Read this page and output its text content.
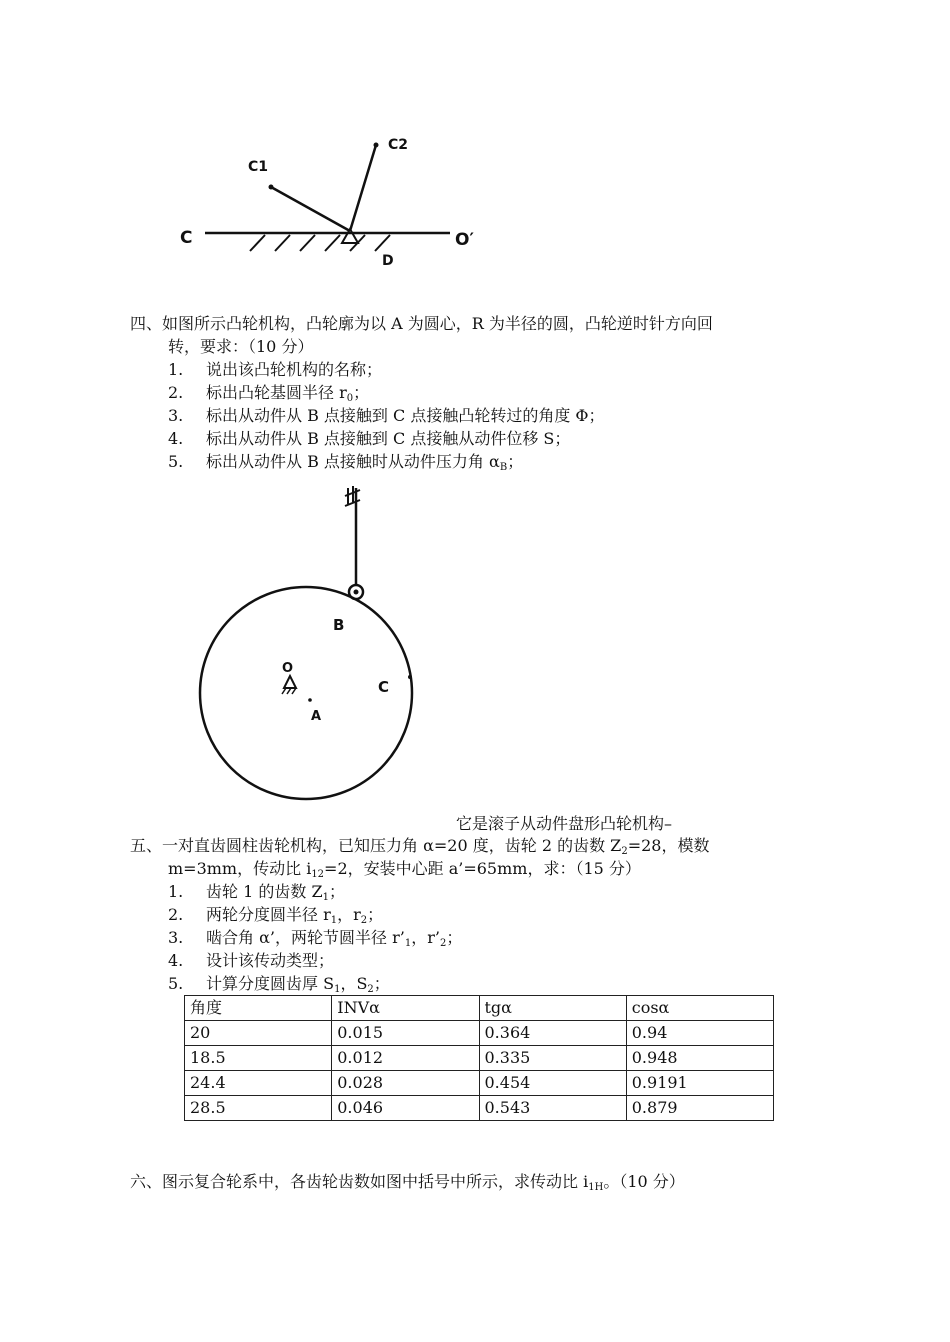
C	O′
C1
C2
D
四、如图所示凸轮机构，凸轮廓为以 A 为圆心，R 为半径的圆，凸轮逆时针方向回
转，要求：（10 分）
1. 说出该凸轮机构的名称；
2. 标出凸轮基圆半径 $r_0$；
3. 标出从动件从 B 点接触到 C 点接触凸轮转过的角度 Φ；
4. 标出从动件从 B 点接触到 C 点接触从动件位移 S；
5. 标出从动件从 B 点接触时从动件压力角 $\alpha_B$；
B
C
O
A
它是滚子从动件盘形凸轮机构–
五、一对直齿圆柱齿轮机构，已知压力角 α=20 度，齿轮 2 的齿数 $Z_2=28$，模数
m=3mm，传动比 $i_{12}=2$，安装中心距 a’=65mm，求：（15 分）
1. 齿轮 1 的齿数 $Z_1$；
2. 两轮分度圆半径 $r_1$，$r_2$；
3. 啮合角 α’，两轮节圆半径 $r’_1$，$r’_2$；
4. 设计该传动类型；
5. 计算分度圆齿厚 $S_1$，$S_2$；
角度	INVα	tgα	cosα
20	0.015	0.364	0.94
18.5	0.012	0.335	0.948
24.4	0.028	0.454	0.9191
28.5	0.046	0.543	0.879
六、图示复合轮系中，各齿轮齿数如图中括号中所示，求传动比 $i_{1H}$。（10 分）
